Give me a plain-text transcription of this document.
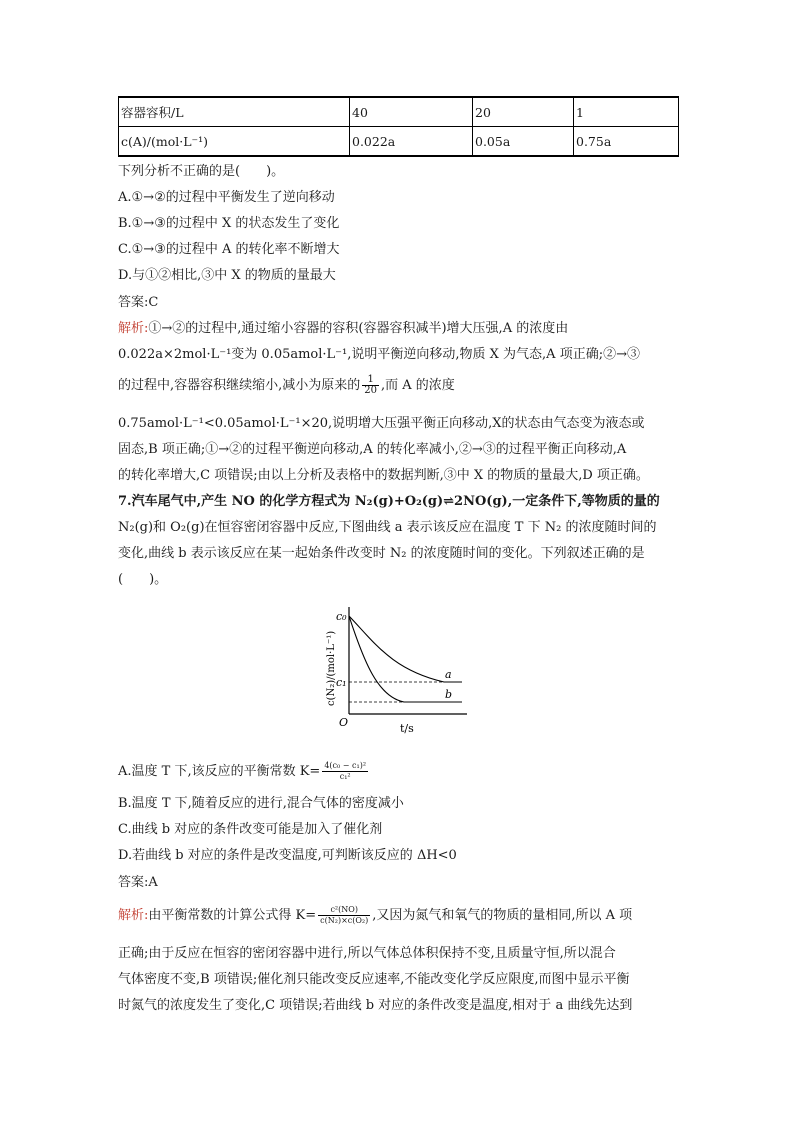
容器容积/L	40	20	1
c(A)/(mol·L⁻¹)	0.022a	0.05a	0.75a
下列分析不正确的是(　　)。
A.①→②的过程中平衡发生了逆向移动
B.①→③的过程中 X 的状态发生了变化
C.①→③的过程中 A 的转化率不断增大
D.与①②相比,③中 X 的物质的量最大
答案:C
解析:①→②的过程中,通过缩小容器的容积(容器容积减半)增大压强,A 的浓度由
0.022a×2mol·L⁻¹变为 0.05amol·L⁻¹,说明平衡逆向移动,物质 X 为气态,A 项正确;②→③
的过程中,容器容积继续缩小,减小为原来的 $\frac{1}{20}$ ,而 A 的浓度
0.75amol·L⁻¹<0.05amol·L⁻¹×20,说明增大压强平衡正向移动,X的状态由气态变为液态或
固态,B 项正确;①→②的过程平衡逆向移动,A 的转化率减小,②→③的过程平衡正向移动,A
的转化率增大,C 项错误;由以上分析及表格中的数据判断,③中 X 的物质的量最大,D 项正确。
7.汽车尾气中,产生 NO 的化学方程式为 N₂(g)+O₂(g)⇌2NO(g),一定条件下,等物质的量的
N₂(g)和 O₂(g)在恒容密闭容器中反应,下图曲线 a 表示该反应在温度 T 下 N₂ 的浓度随时间的
变化,曲线 b 表示该反应在某一起始条件改变时 N₂ 的浓度随时间的变化。下列叙述正确的是
(　　)。
c₀
c₁
a
b
O	t/s
c(N₂)/(mol·L⁻¹)
A.温度 T 下,该反应的平衡常数 $K= \frac{\text{4(c₀ − c₁)²}}{\text{c₁²}}$
B.温度 T 下,随着反应的进行,混合气体的密度减小
C.曲线 b 对应的条件改变可能是加入了催化剂
D.若曲线 b 对应的条件是改变温度,可判断该反应的 ΔH<0
答案:A
解析:由平衡常数的计算公式得 $K= \frac{\text{c²(NO)}}{\text{c(N₂)×c(O₂)}}$ ,又因为氮气和氧气的物质的量相同,所以 A 项
正确;由于反应在恒容的密闭容器中进行,所以气体总体积保持不变,且质量守恒,所以混合
气体密度不变,B 项错误;催化剂只能改变反应速率,不能改变化学反应限度,而图中显示平衡
时氮气的浓度发生了变化,C 项错误;若曲线 b 对应的条件改变是温度,相对于 a 曲线先达到
